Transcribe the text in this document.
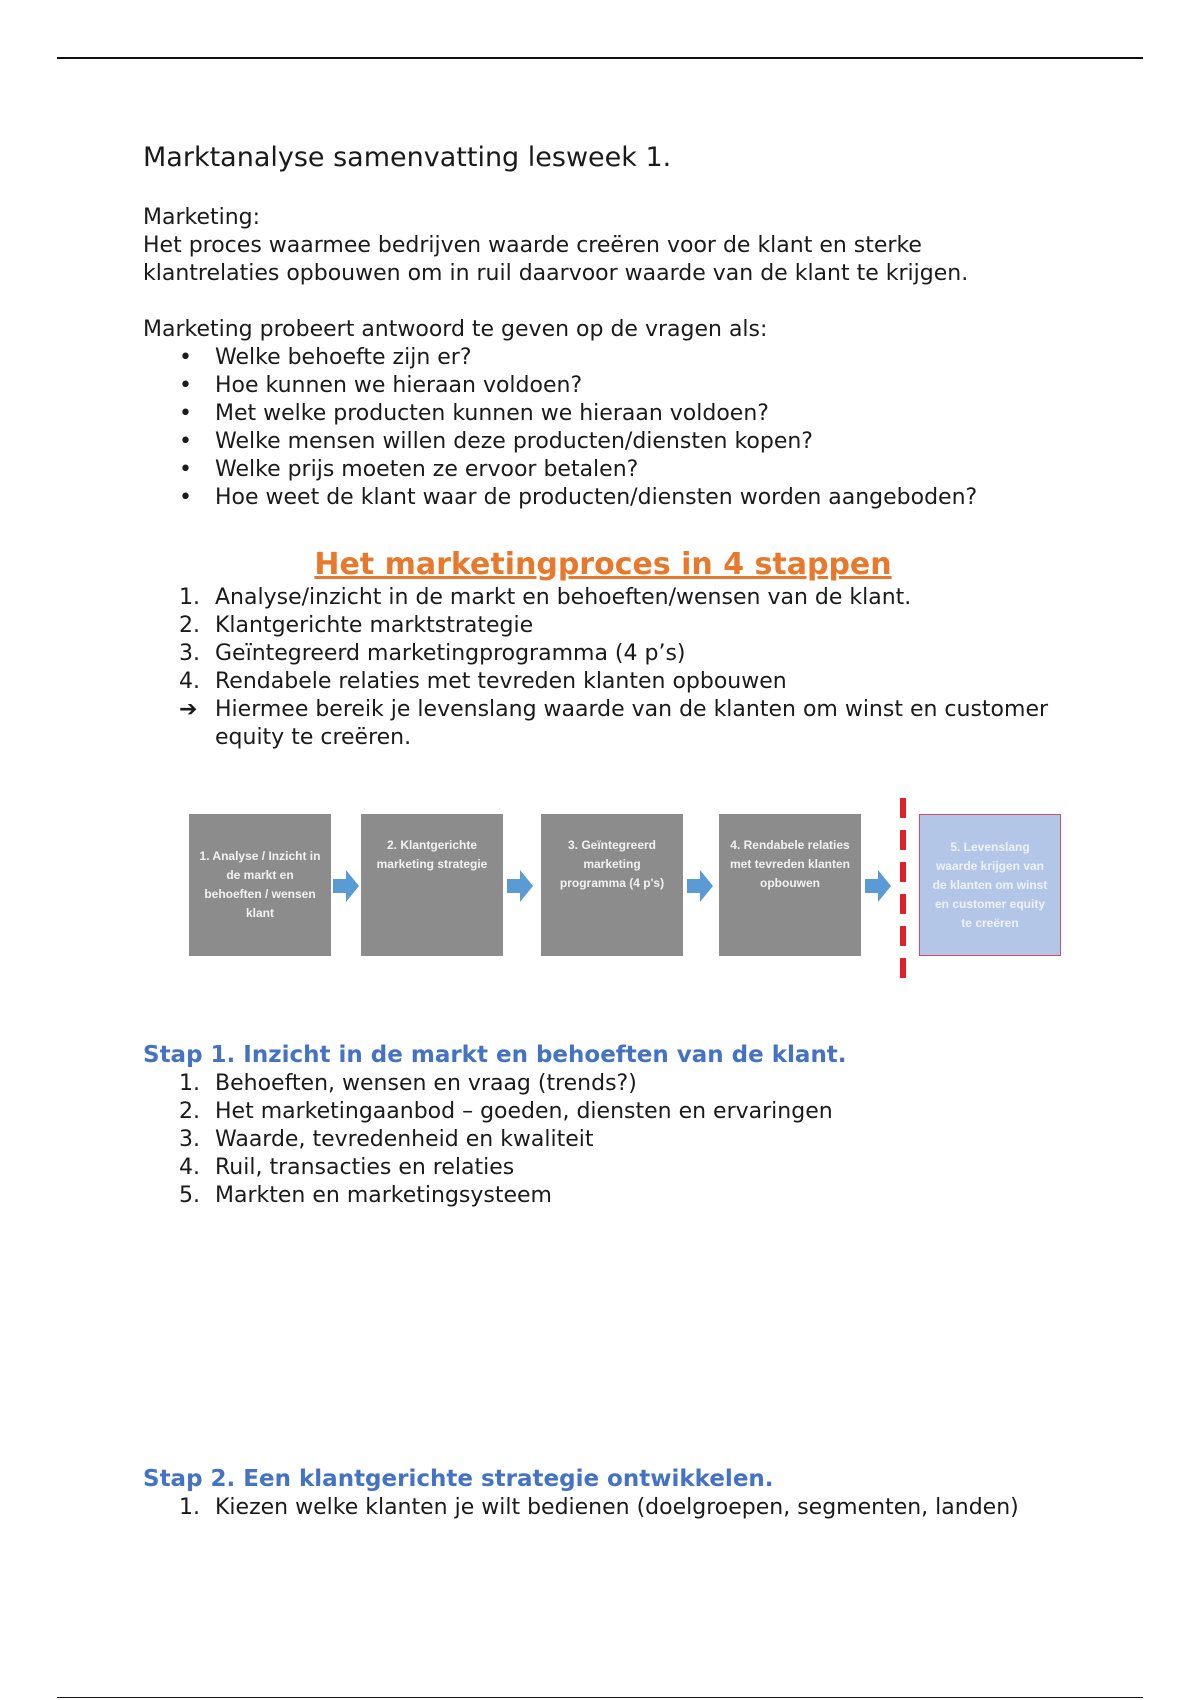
Marktanalyse samenvatting lesweek 1.

Marketing:

Het proces waarmee bedrijven waarde creëren voor de klant en sterke klantrelaties opbouwen om in ruil daarvoor waarde van de klant te krijgen.

Marketing probeert antwoord te geven op de vragen als:

• Welke behoefte zijn er?
• Hoe kunnen we hieraan voldoen?
• Met welke producten kunnen we hieraan voldoen?
• Welke mensen willen deze producten/diensten kopen?
• Welke prijs moeten ze ervoor betalen?
• Hoe weet de klant waar de producten/diensten worden aangeboden?
Het marketingproces in 4 stappen
1. Analyse/inzicht in de markt en behoeften/wensen van de klant.
2. Klantgerichte marktstrategie
3. Geïntegreerd marketingprogramma (4 p’s)
4. Rendabele relaties met tevreden klanten opbouwen
➔ Hiermee bereik je levenslang waarde van de klanten om winst en customer equity te creëren.
1. Analyse / Inzicht in de markt en behoeften / wensen klant
2. Klantgerichte marketing strategie
3. Geïntegreerd marketing programma (4 p's)
4. Rendabele relaties met tevreden klanten opbouwen
5. Levenslang waarde krijgen van de klanten om winst en customer equity te creëren
Stap 1. Inzicht in de markt en behoeften van de klant.
1. Behoeften, wensen en vraag (trends?)
2. Het marketingaanbod – goeden, diensten en ervaringen
3. Waarde, tevredenheid en kwaliteit
4. Ruil, transacties en relaties
5. Markten en marketingsysteem
Stap 2. Een klantgerichte strategie ontwikkelen.
1. Kiezen welke klanten je wilt bedienen (doelgroepen, segmenten, landen)
